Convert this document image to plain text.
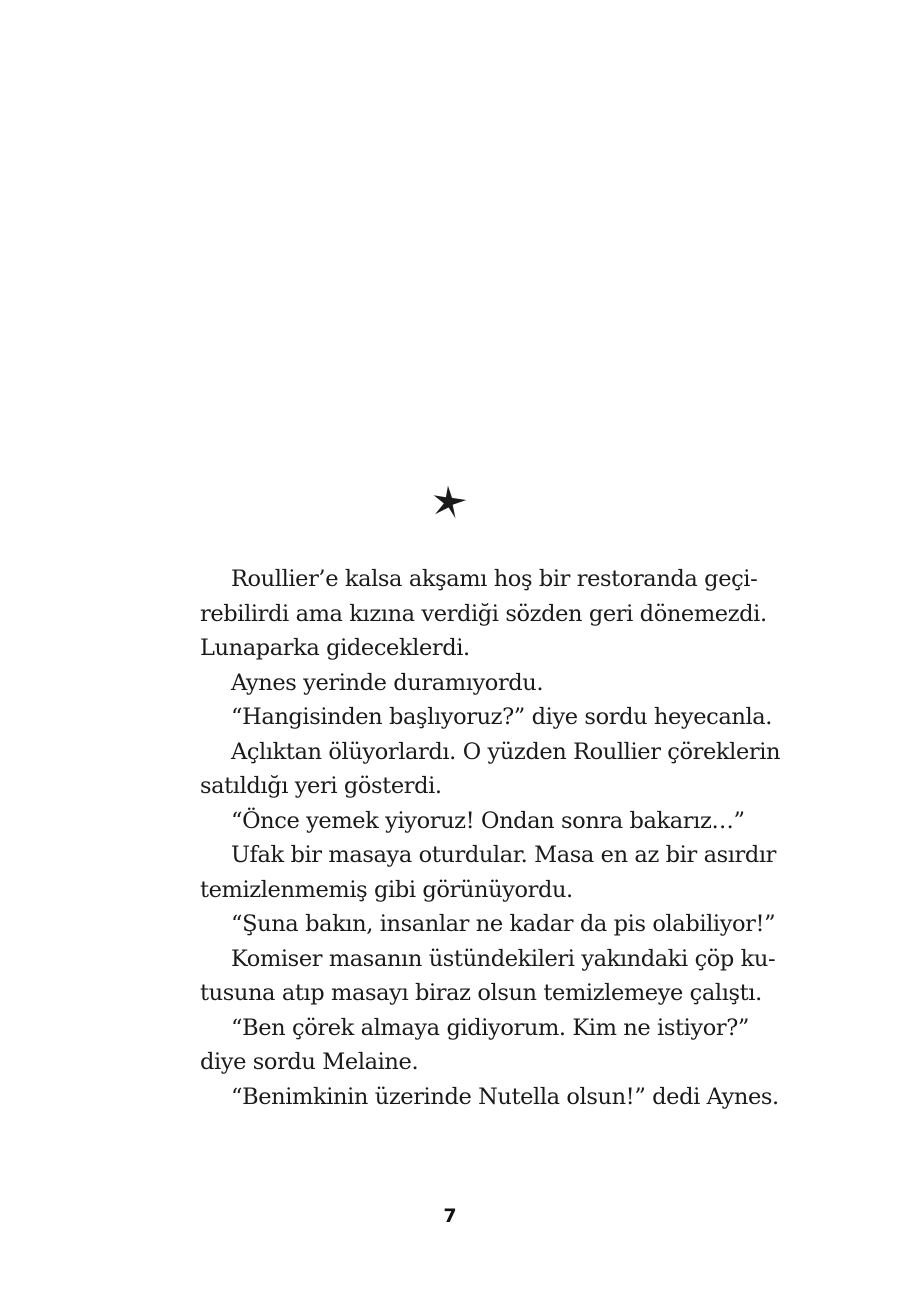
Roullier’e kalsa akşamı hoş bir restoranda geçi-
rebilirdi ama kızına verdiği sözden geri dönemezdi.
Lunaparka gideceklerdi.
Aynes yerinde duramıyordu.
“Hangisinden başlıyoruz?” diye sordu heyecanla.
Açlıktan ölüyorlardı. O yüzden Roullier çöreklerin
satıldığı yeri gösterdi.
“Önce yemek yiyoruz! Ondan sonra bakarız…”
Ufak bir masaya oturdular. Masa en az bir asırdır
temizlenmemiş gibi görünüyordu.
“Şuna bakın, insanlar ne kadar da pis olabiliyor!”
Komiser masanın üstündekileri yakındaki çöp ku-
tusuna atıp masayı biraz olsun temizlemeye çalıştı.
“Ben çörek almaya gidiyorum. Kim ne istiyor?”
diye sordu Melaine.
“Benimkinin üzerinde Nutella olsun!” dedi Aynes.
7
